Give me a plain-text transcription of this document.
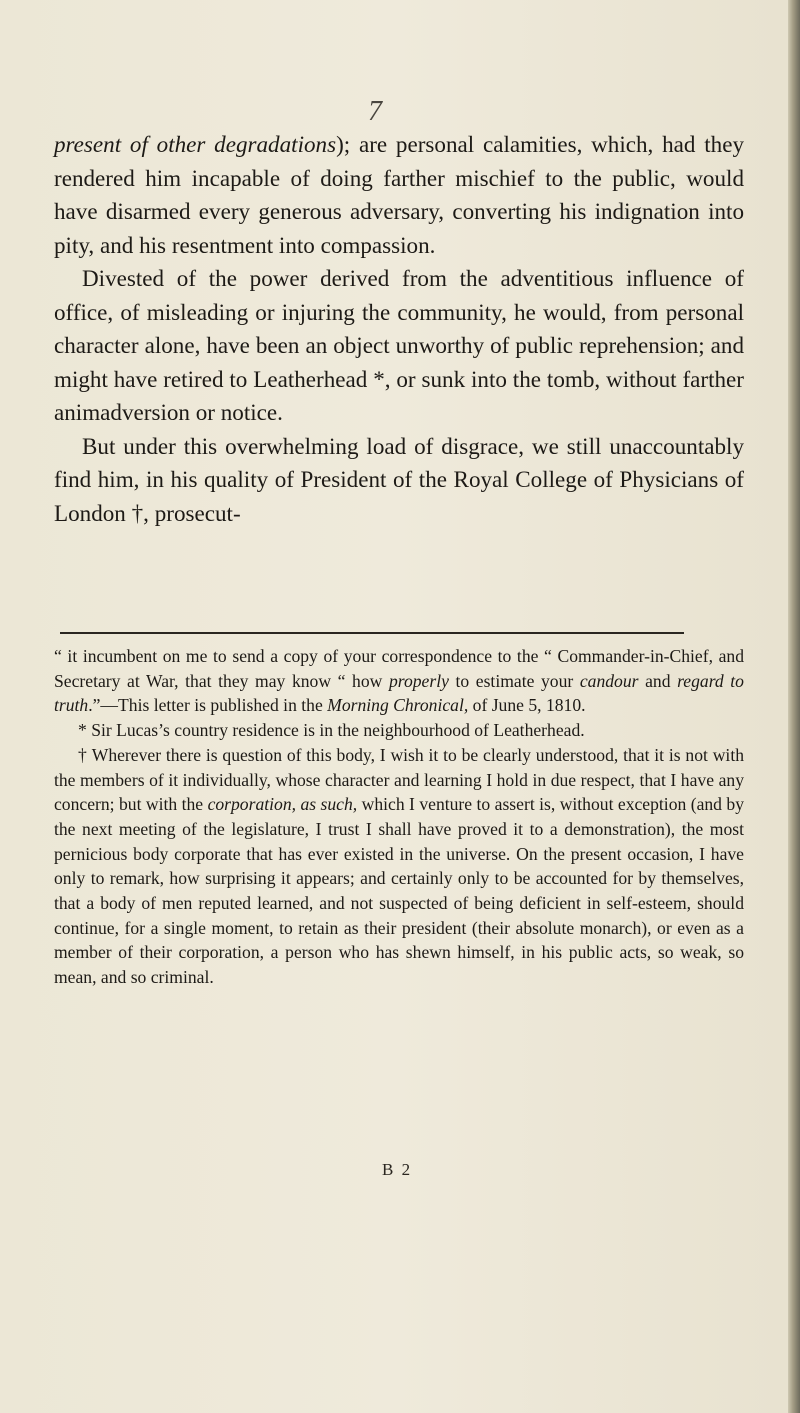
7

present of other degradations); are personal calamities, which, had they rendered him incapable of doing farther mischief to the public, would have disarmed every generous adversary, converting his indignation into pity, and his resentment into compassion.

Divested of the power derived from the adventitious influence of office, of misleading or injuring the community, he would, from personal character alone, have been an object unworthy of public reprehension; and might have retired to Leatherhead *, or sunk into the tomb, without farther animadversion or notice.

But under this overwhelming load of disgrace, we still unaccountably find him, in his quality of President of the Royal College of Physicians of London †, prosecut-

“ it incumbent on me to send a copy of your correspondence to the “ Commander-in-Chief, and Secretary at War, that they may know “ how properly to estimate your candour and regard to truth.”—This letter is published in the Morning Chronical, of June 5, 1810.

* Sir Lucas’s country residence is in the neighbourhood of Leatherhead.

† Wherever there is question of this body, I wish it to be clearly understood, that it is not with the members of it individually, whose character and learning I hold in due respect, that I have any concern; but with the corporation, as such, which I venture to assert is, without exception (and by the next meeting of the legislature, I trust I shall have proved it to a demonstration), the most pernicious body corporate that has ever existed in the universe. On the present occasion, I have only to remark, how surprising it appears; and certainly only to be accounted for by themselves, that a body of men reputed learned, and not suspected of being deficient in self-esteem, should continue, for a single moment, to retain as their president (their absolute monarch), or even as a member of their corporation, a person who has shewn himself, in his public acts, so weak, so mean, and so criminal.

B 2
